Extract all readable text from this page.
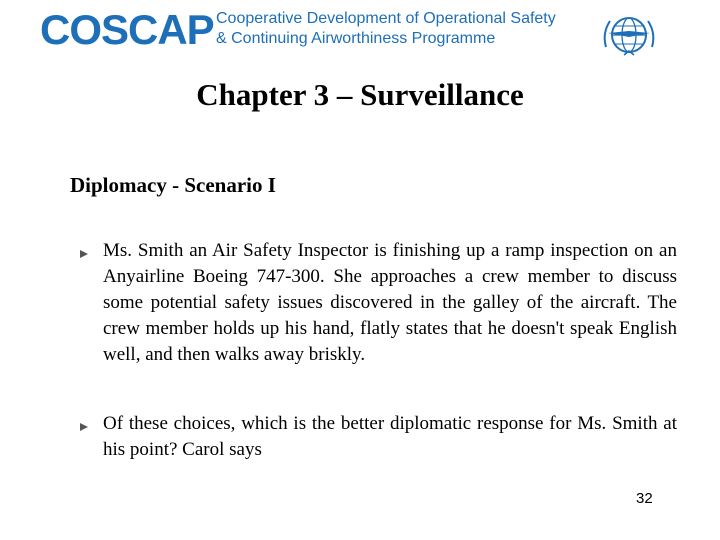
COSCAP Cooperative Development of Operational Safety
& Continuing Airworthiness Programme
Chapter 3 – Surveillance
Diplomacy - Scenario I
Ms. Smith an Air Safety Inspector is finishing up a ramp inspection on an Anyairline Boeing 747-300. She approaches a crew member to discuss some potential safety issues discovered in the galley of the aircraft. The crew member holds up his hand, flatly states that he doesn't speak English well, and then walks away briskly.
Of these choices, which is the better diplomatic response for Ms. Smith at his point? Carol says
32
